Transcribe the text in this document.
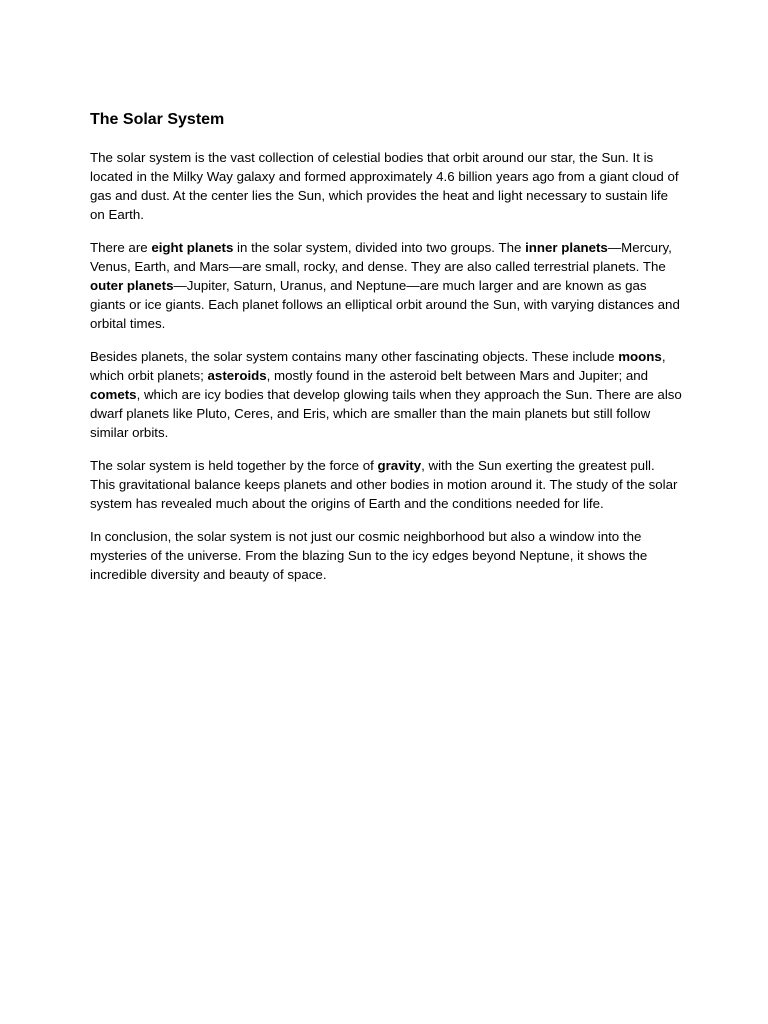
The Solar System

The solar system is the vast collection of celestial bodies that orbit around our star, the Sun. It is located in the Milky Way galaxy and formed approximately 4.6 billion years ago from a giant cloud of gas and dust. At the center lies the Sun, which provides the heat and light necessary to sustain life on Earth.

There are eight planets in the solar system, divided into two groups. The inner planets—Mercury, Venus, Earth, and Mars—are small, rocky, and dense. They are also called terrestrial planets. The outer planets—Jupiter, Saturn, Uranus, and Neptune—are much larger and are known as gas giants or ice giants. Each planet follows an elliptical orbit around the Sun, with varying distances and orbital times.

Besides planets, the solar system contains many other fascinating objects. These include moons, which orbit planets; asteroids, mostly found in the asteroid belt between Mars and Jupiter; and comets, which are icy bodies that develop glowing tails when they approach the Sun. There are also dwarf planets like Pluto, Ceres, and Eris, which are smaller than the main planets but still follow similar orbits.

The solar system is held together by the force of gravity, with the Sun exerting the greatest pull. This gravitational balance keeps planets and other bodies in motion around it. The study of the solar system has revealed much about the origins of Earth and the conditions needed for life.

In conclusion, the solar system is not just our cosmic neighborhood but also a window into the mysteries of the universe. From the blazing Sun to the icy edges beyond Neptune, it shows the incredible diversity and beauty of space.
